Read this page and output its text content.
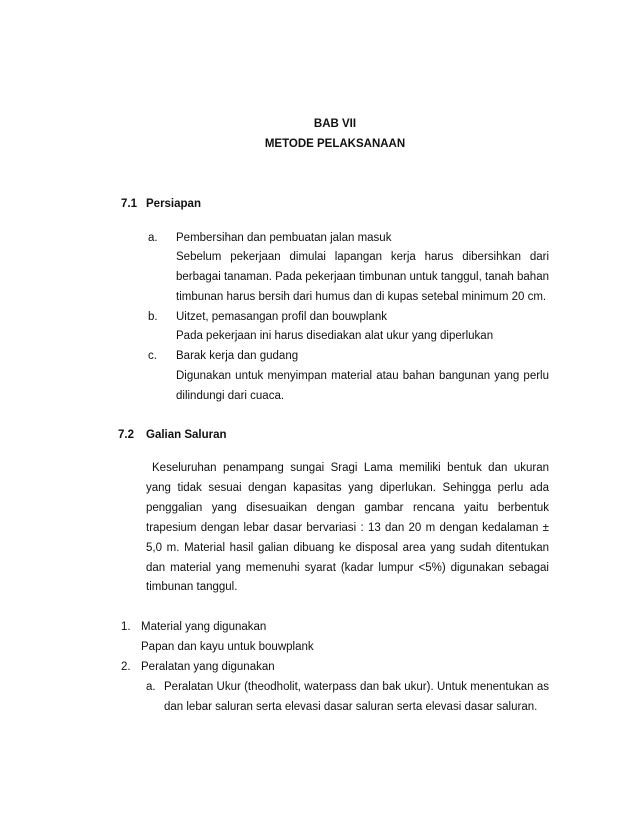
BAB VII
METODE PELAKSANAAN
7.1 Persiapan
a. Pembersihan dan pembuatan jalan masuk
Sebelum pekerjaan dimulai lapangan kerja harus dibersihkan dari
berbagai tanaman. Pada pekerjaan timbunan untuk tanggul, tanah bahan
timbunan harus bersih dari humus dan di kupas setebal minimum 20 cm.
b. Uitzet, pemasangan profil dan bouwplank
Pada pekerjaan ini harus disediakan alat ukur yang diperlukan
c. Barak kerja dan gudang
Digunakan untuk menyimpan material atau bahan bangunan yang perlu
dilindungi dari cuaca.
7.2 Galian Saluran
Keseluruhan penampang sungai Sragi Lama memiliki bentuk dan ukuran
yang tidak sesuai dengan kapasitas yang diperlukan. Sehingga perlu ada
penggalian yang disesuaikan dengan gambar rencana yaitu berbentuk
trapesium dengan lebar dasar bervariasi : 13 dan 20 m dengan kedalaman ±
5,0 m. Material hasil galian dibuang ke disposal area yang sudah ditentukan
dan material yang memenuhi syarat (kadar lumpur <5%) digunakan sebagai
timbunan tanggul.
1. Material yang digunakan
Papan dan kayu untuk bouwplank
2. Peralatan yang digunakan
a. Peralatan Ukur (theodholit, waterpass dan bak ukur). Untuk menentukan as
dan lebar saluran serta elevasi dasar saluran serta elevasi dasar saluran.
